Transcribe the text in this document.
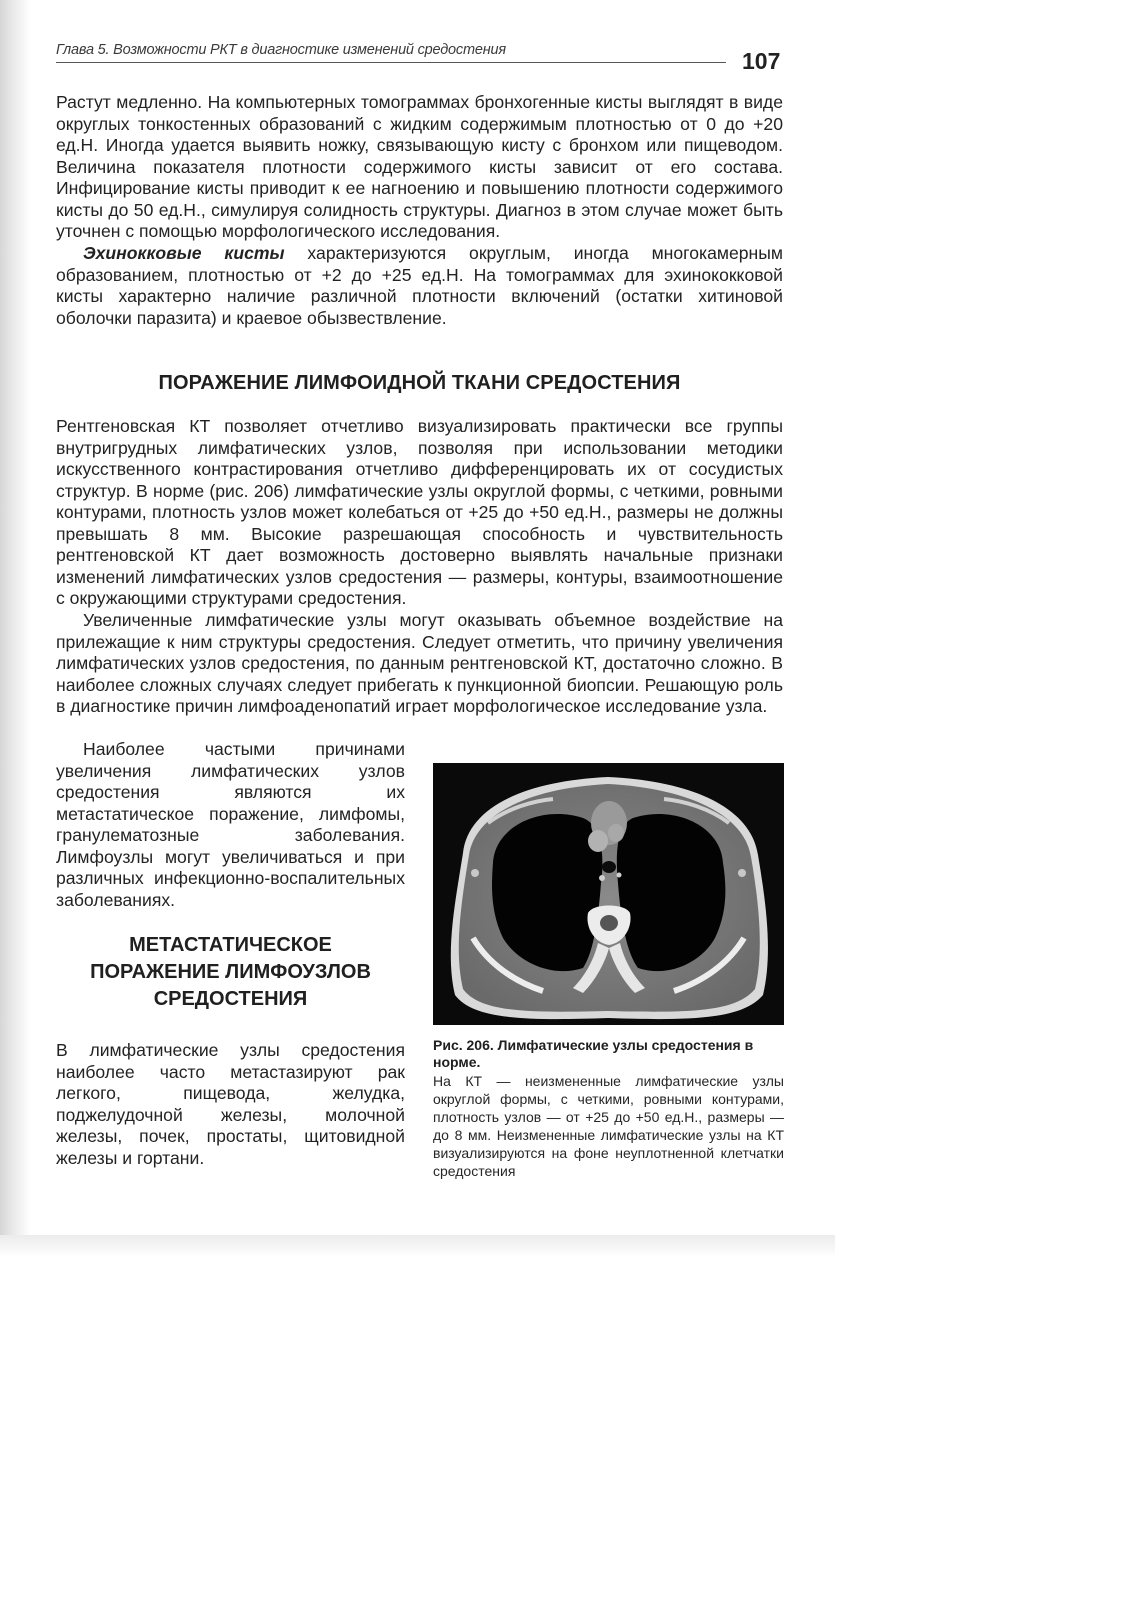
Глава 5. Возможности РКТ в диагностике изменений средостения	107

Растут медленно. На компьютерных томограммах бронхогенные кисты выглядят в виде округлых тонкостенных образований с жидким содержимым плотностью от 0 до +20 ед.Н. Иногда удается выявить ножку, связывающую кисту с бронхом или пищеводом. Величина показателя плотности содержимого кисты зависит от его состава. Инфицирование кисты приводит к ее нагноению и повышению плотности содержимого кисты до 50 ед.Н., симулируя солидность структуры. Диагноз в этом случае может быть уточнен с помощью морфологического исследования.

Эхинокковые кисты характеризуются округлым, иногда многокамерным образованием, плотностью от +2 до +25 ед.Н. На томограммах для эхинококковой кисты характерно наличие различной плотности включений (остатки хитиновой оболочки паразита) и краевое обызвествление.

ПОРАЖЕНИЕ ЛИМФОИДНОЙ ТКАНИ СРЕДОСТЕНИЯ

Рентгеновская КТ позволяет отчетливо визуализировать практически все группы внутригрудных лимфатических узлов, позволяя при использовании методики искусственного контрастирования отчетливо дифференцировать их от сосудистых структур. В норме (рис. 206) лимфатические узлы округлой формы, с четкими, ровными контурами, плотность узлов может колебаться от +25 до +50 ед.Н., размеры не должны превышать 8 мм. Высокие разрешающая способность и чувствительность рентгеновской КТ дает возможность достоверно выявлять начальные признаки изменений лимфатических узлов средостения — размеры, контуры, взаимоотношение с окружающими структурами средостения.

Увеличенные лимфатические узлы могут оказывать объемное воздействие на прилежащие к ним структуры средостения. Следует отметить, что причину увеличения лимфатических узлов средостения, по данным рентгеновской КТ, достаточно сложно. В наиболее сложных случаях следует прибегать к пункционной биопсии. Решающую роль в диагностике причин лимфоаденопатий играет морфологическое исследование узла.

Наиболее частыми причинами увеличения лимфатических узлов средостения являются их метастатическое поражение, лимфомы, гранулематозные заболевания. Лимфоузлы могут увеличиваться и при различных инфекционно-воспалительных заболеваниях.

МЕТАСТАТИЧЕСКОЕ
ПОРАЖЕНИЕ ЛИМФОУЗЛОВ
СРЕДОСТЕНИЯ

В лимфатические узлы средостения наиболее часто метастазируют рак легкого, пищевода, желудка, поджелудочной железы, молочной железы, почек, простаты, щитовидной железы и гортани.

Рис. 206. Лимфатические узлы средостения в норме.

На КТ — неизмененные лимфатические узлы округлой формы, с четкими, ровными контурами, плотность узлов — от +25 до +50 ед.Н., размеры — до 8 мм. Неизмененные лимфатические узлы на КТ визуализируются на фоне неуплотненной клетчатки средостения
